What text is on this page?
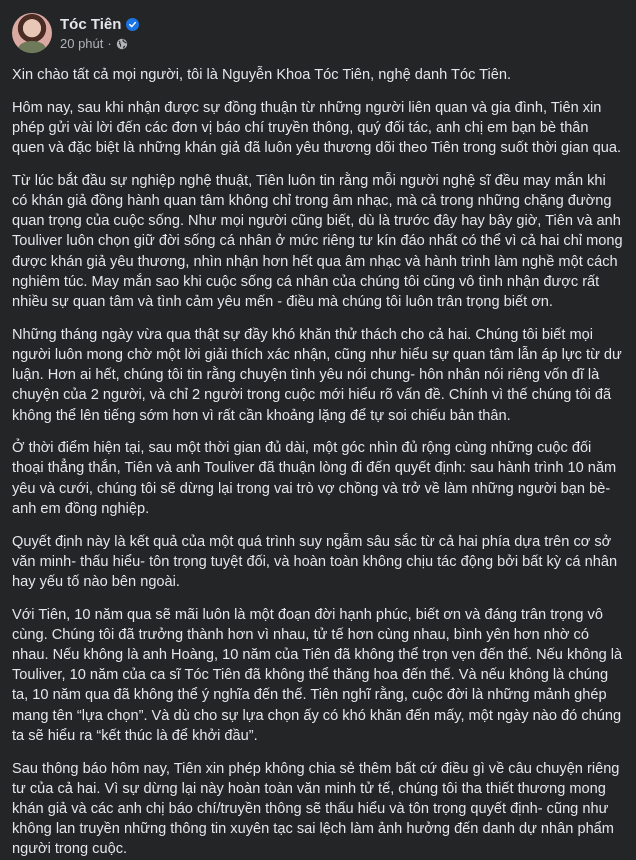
Tóc Tiên
20 phút ·

Xin chào tất cả mọi người, tôi là Nguyễn Khoa Tóc Tiên, nghệ danh Tóc Tiên.

Hôm nay, sau khi nhận được sự đồng thuận từ những người liên quan và gia đình, Tiên xin phép gửi vài lời đến các đơn vị báo chí truyền thông, quý đối tác, anh chị em bạn bè thân quen và đặc biệt là những khán giả đã luôn yêu thương dõi theo Tiên trong suốt thời gian qua.

Từ lúc bắt đầu sự nghiệp nghệ thuật, Tiên luôn tin rằng mỗi người nghệ sĩ đều may mắn khi có khán giả đồng hành quan tâm không chỉ trong âm nhạc, mà cả trong những chặng đường quan trọng của cuộc sống. Như mọi người cũng biết, dù là trước đây hay bây giờ, Tiên và anh Touliver luôn chọn giữ đời sống cá nhân ở mức riêng tư kín đáo nhất có thể vì cả hai chỉ mong được khán giả yêu thương, nhìn nhận hơn hết qua âm nhạc và hành trình làm nghề một cách nghiêm túc. May mắn sao khi cuộc sống cá nhân của chúng tôi cũng vô tình nhận được rất nhiều sự quan tâm và tình cảm yêu mến - điều mà chúng tôi luôn trân trọng biết ơn.

Những tháng ngày vừa qua thật sự đầy khó khăn thử thách cho cả hai. Chúng tôi biết mọi người luôn mong chờ một lời giải thích xác nhận, cũng như hiểu sự quan tâm lẫn áp lực từ dư luận. Hơn ai hết, chúng tôi tin rằng chuyện tình yêu nói chung- hôn nhân nói riêng vốn dĩ là chuyện của 2 người, và chỉ 2 người trong cuộc mới hiểu rõ vấn đề. Chính vì thế chúng tôi đã không thể lên tiếng sớm hơn vì rất cần khoảng lặng để tự soi chiếu bản thân.

Ở thời điểm hiện tại, sau một thời gian đủ dài, một góc nhìn đủ rộng cùng những cuộc đối thoại thẳng thắn, Tiên và anh Touliver đã thuận lòng đi đến quyết định: sau hành trình 10 năm yêu và cưới, chúng tôi sẽ dừng lại trong vai trò vợ chồng và trở về làm những người bạn bè- anh em đồng nghiệp.

Quyết định này là kết quả của một quá trình suy ngẫm sâu sắc từ cả hai phía dựa trên cơ sở văn minh- thấu hiểu- tôn trọng tuyệt đối, và hoàn toàn không chịu tác động bởi bất kỳ cá nhân hay yếu tố nào bên ngoài.

Với Tiên, 10 năm qua sẽ mãi luôn là một đoạn đời hạnh phúc, biết ơn và đáng trân trọng vô cùng. Chúng tôi đã trưởng thành hơn vì nhau, tử tế hơn cùng nhau, bình yên hơn nhờ có nhau. Nếu không là anh Hoàng, 10 năm của Tiên đã không thể trọn vẹn đến thế. Nếu không là Touliver, 10 năm của ca sĩ Tóc Tiên đã không thể thăng hoa đến thế. Và nếu không là chúng ta, 10 năm qua đã không thể ý nghĩa đến thế. Tiên nghĩ rằng, cuộc đời là những mảnh ghép mang tên “lựa chọn”. Và dù cho sự lựa chọn ấy có khó khăn đến mấy, một ngày nào đó chúng ta sẽ hiểu ra “kết thúc là để khởi đầu”.

Sau thông báo hôm nay, Tiên xin phép không chia sẻ thêm bất cứ điều gì về câu chuyện riêng tư của cả hai. Vì sự dừng lại này hoàn toàn văn minh tử tế, chúng tôi tha thiết thương mong khán giả và các anh chị báo chí/truyền thông sẽ thấu hiểu và tôn trọng quyết định- cũng như không lan truyền những thông tin xuyên tạc sai lệch làm ảnh hưởng đến danh dự nhân phẩm người trong cuộc.
